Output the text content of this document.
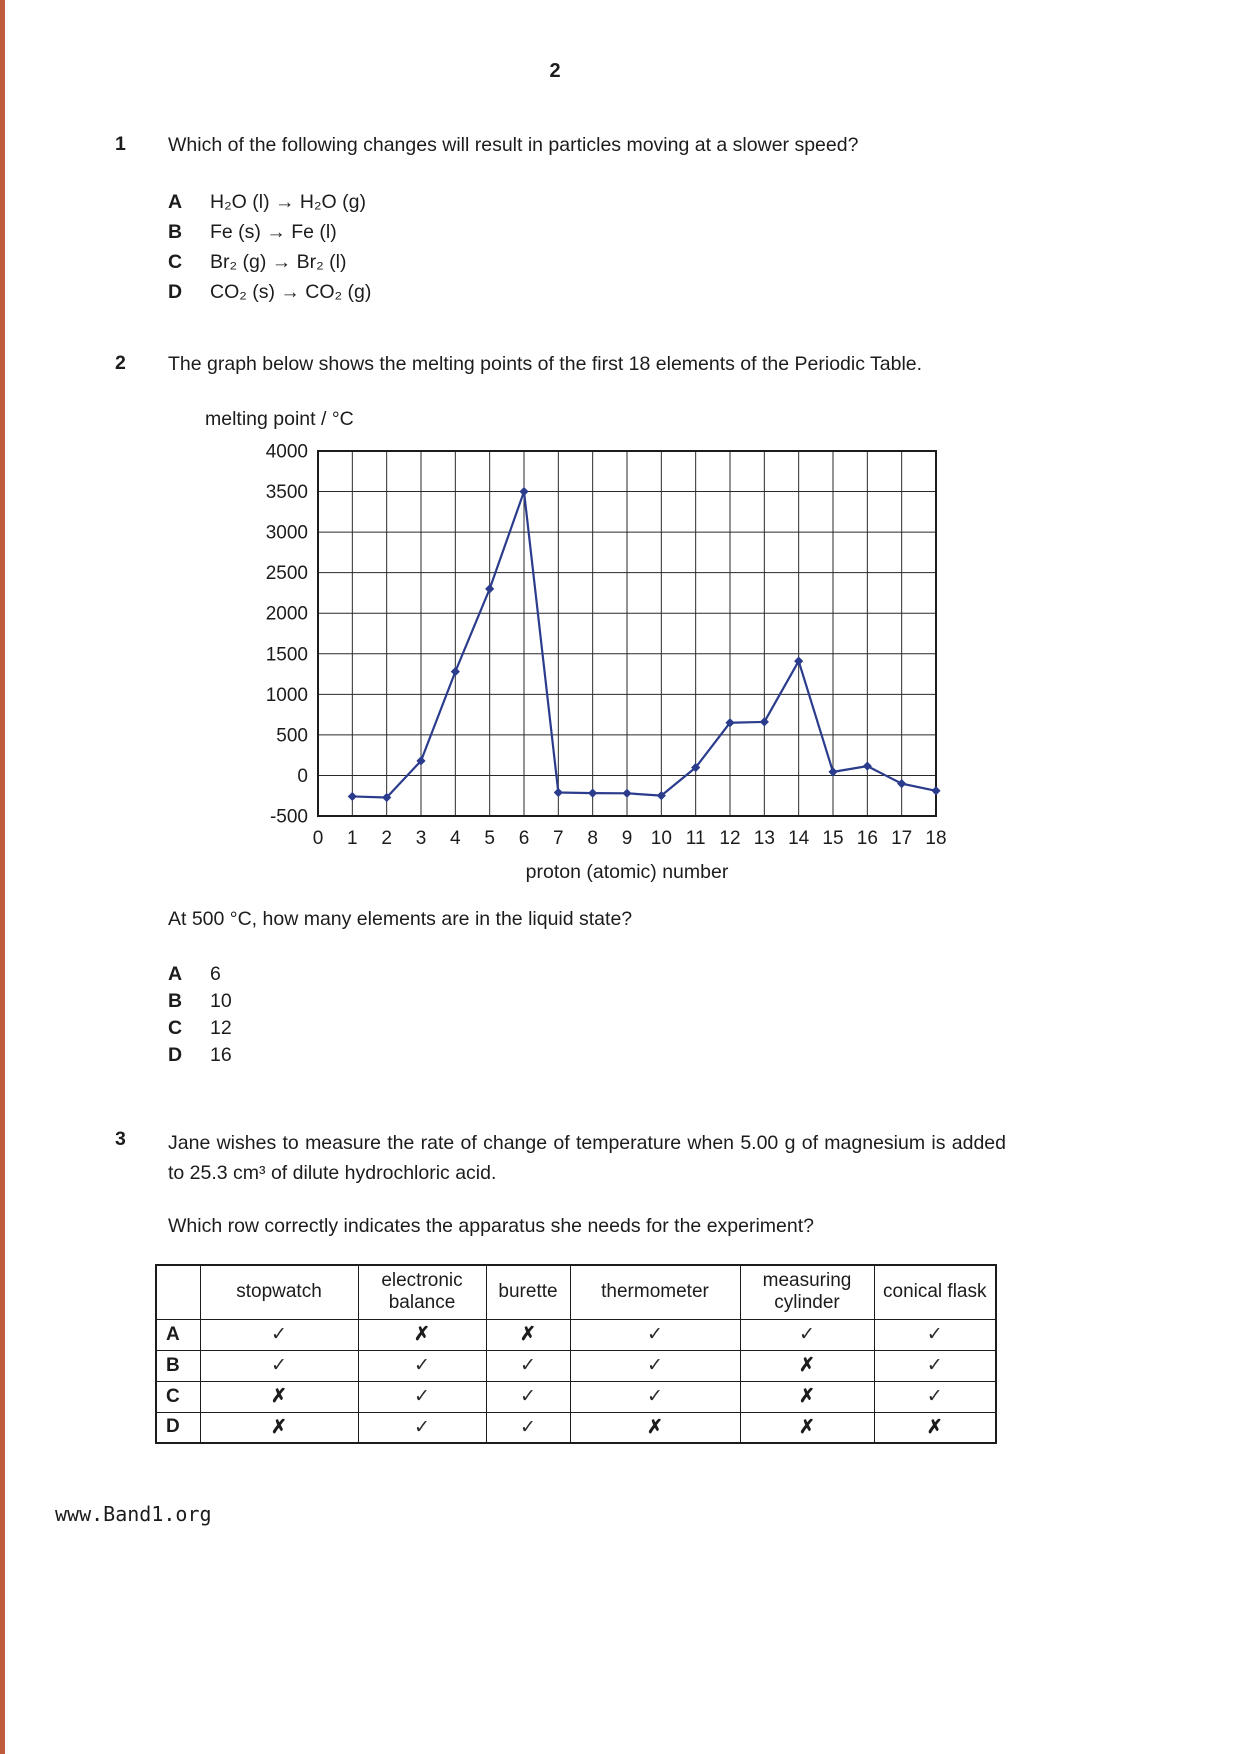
2
1	Which of the following changes will result in particles moving at a slower speed?

A	H₂O (l) → H₂O (g)
B	Fe (s) → Fe (l)
C	Br₂ (g) → Br₂ (l)
D	CO₂ (s) → CO₂ (g)
2	The graph below shows the melting points of the first 18 elements of the Periodic Table.

melting point / °C
4000
3500
3000
2500
2000
1500
1000
500
0
-500
0 1 2 3 4 5 6 7 8 9 10 11 12 13 14 15 16 17 18
proton (atomic) number

At 500 °C, how many elements are in the liquid state?

A	6
B	10
C	12
D	16
3	Jane wishes to measure the rate of change of temperature when 5.00 g of magnesium is added to 25.3 cm³ of dilute hydrochloric acid.

Which row correctly indicates the apparatus she needs for the experiment?

	stopwatch	electronic balance	burette	thermometer	measuring cylinder	conical flask
A	✓	✗	✗	✓	✓	✓
B	✓	✓	✓	✓	✗	✓
C	✗	✓	✓	✓	✗	✓
D	✗	✓	✓	✗	✗	✗
www.Band1.org
